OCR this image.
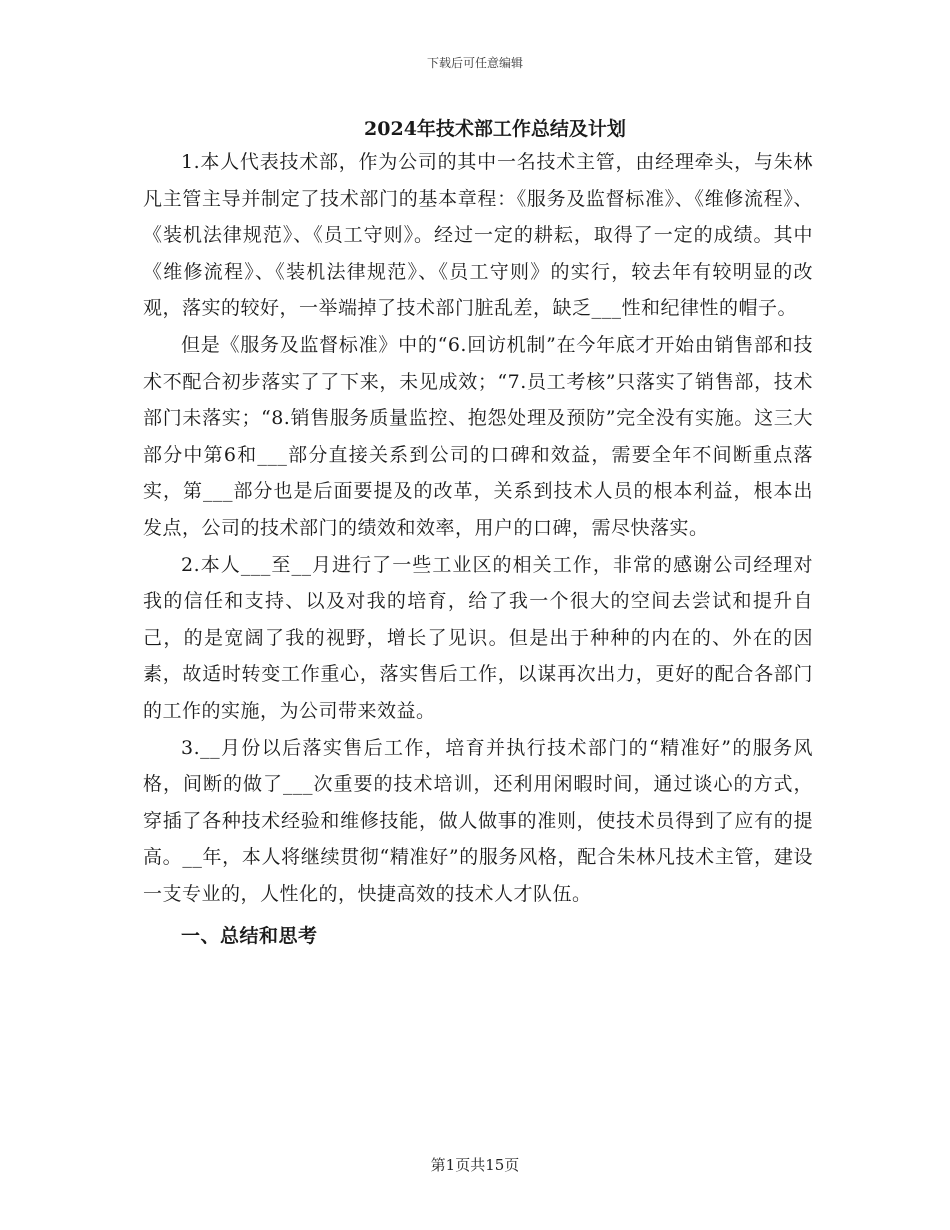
下载后可任意编辑
2024年技术部工作总结及计划

1.本人代表技术部，作为公司的其中一名技术主管，由经理牵头，与朱林凡主管主导并制定了技术部门的基本章程：《服务及监督标准》、《维修流程》、《装机法律规范》、《员工守则》。经过一定的耕耘，取得了一定的成绩。其中《维修流程》、《装机法律规范》、《员工守则》的实行，较去年有较明显的改观，落实的较好，一举端掉了技术部门脏乱差，缺乏___性和纪律性的帽子。

但是《服务及监督标准》中的“6.回访机制”在今年底才开始由销售部和技术不配合初步落实了了下来，未见成效；“7.员工考核”只落实了销售部，技术部门未落实；“8.销售服务质量监控、抱怨处理及预防”完全没有实施。这三大部分中第6和___部分直接关系到公司的口碑和效益，需要全年不间断重点落实，第___部分也是后面要提及的改革，关系到技术人员的根本利益，根本出发点，公司的技术部门的绩效和效率，用户的口碑，需尽快落实。

2.本人___至__月进行了一些工业区的相关工作，非常的感谢公司经理对我的信任和支持、以及对我的培育，给了我一个很大的空间去尝试和提升自己，的是宽阔了我的视野，增长了见识。但是出于种种的内在的、外在的因素，故适时转变工作重心，落实售后工作，以谋再次出力，更好的配合各部门的工作的实施，为公司带来效益。

3.__月份以后落实售后工作，培育并执行技术部门的“精准好”的服务风格，间断的做了___次重要的技术培训，还利用闲暇时间，通过谈心的方式，穿插了各种技术经验和维修技能，做人做事的准则，使技术员得到了应有的提高。__年，本人将继续贯彻“精准好”的服务风格，配合朱林凡技术主管，建设一支专业的，人性化的，快捷高效的技术人才队伍。

一、总结和思考

第1页共15页
